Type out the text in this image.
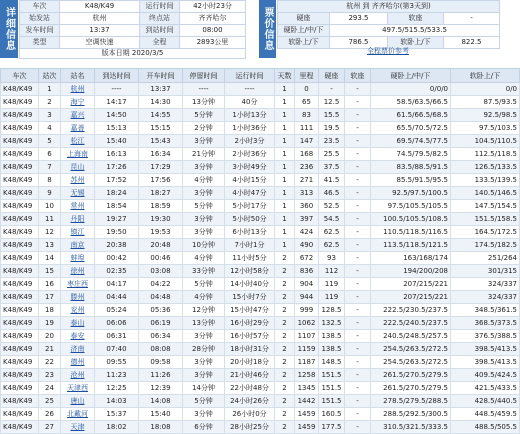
详细信息
车次	K48/K49	运行时间	42小时23分
始发站	杭州	终点站	齐齐哈尔
发车时间	13:37	到站时间	08:00
类型	空调快速	全程	2893公里
版本日期 2020/3/5			
票价信息
杭州 到 齐齐哈尔(第3天到)			
硬座	293.5	软座	-
硬卧上/中/下	497.5/515.5/533.5		
软卧上/下	786.5	软卧上/下	822.5
全程票价参考
车次	站次	站名	到达时间	开车时间	停留时间	运行时间	天数	里程	硬座	软座	硬卧上/中/下	软卧上/下
K48/K49	1	杭州	----	13:37	----	----	1	0	-	-	0/0/0	0/0
K48/K49	2	海宁	14:17	14:30	13分钟	40分	1	65	12.5	-	58.5/63.5/66.5	87.5/93.5
K48/K49	3	嘉兴	14:50	14:55	5分钟	1小时13分	1	83	15.5	-	61.5/66.5/68.5	92.5/98.5
K48/K49	4	嘉善	15:13	15:15	2分钟	1小时36分	1	111	19.5	-	65.5/70.5/72.5	97.5/103.5
K48/K49	5	松江	15:40	15:43	3分钟	2小时3分	1	147	23.5	-	69.5/74.5/77.5	104.5/110.5
K48/K49	6	上海南	16:13	16:34	21分钟	2小时36分	1	168	25.5	-	74.5/79.5/82.5	112.5/118.5
K48/K49	7	昆山	17:26	17:29	3分钟	3小时49分	1	236	37.5	-	83.5/88.5/91.5	126.5/133.5
K48/K49	8	苏州	17:52	17:56	4分钟	4小时15分	1	271	41.5	-	85.5/91.5/95.5	133.5/139.5
K48/K49	9	无锡	18:24	18:27	3分钟	4小时47分	1	313	46.5	-	92.5/97.5/100.5	140.5/146.5
K48/K49	10	常州	18:54	18:59	5分钟	5小时17分	1	360	52.5	-	97.5/105.5/105.5	147.5/154.5
K48/K49	11	丹阳	19:27	19:30	3分钟	5小时50分	1	397	54.5	-	100.5/105.5/108.5	151.5/158.5
K48/K49	12	镇江	19:50	19:53	3分钟	6小时13分	1	424	62.5	-	110.5/118.5/116.5	164.5/172.5
K48/K49	13	南京	20:38	20:48	10分钟	7小时1分	1	490	62.5	-	113.5/118.5/121.5	174.5/182.5
K48/K49	14	蚌埠	00:42	00:46	4分钟	11小时5分	2	672	93	-	163/168/174	251/264
K48/K49	15	徐州	02:35	03:08	33分钟	12小时58分	2	836	112	-	194/200/208	301/315
K48/K49	16	枣庄西	04:17	04:22	5分钟	14小时40分	2	904	119	-	207/215/221	324/337
K48/K49	17	滕州	04:44	04:48	4分钟	15小时7分	2	944	119	-	207/215/221	324/337
K48/K49	18	兖州	05:24	05:36	12分钟	15小时47分	2	999	128.5	-	222.5/230.5/237.5	348.5/361.5
K48/K49	19	泰山	06:06	06:19	13分钟	16小时29分	2	1062	132.5	-	222.5/240.5/237.5	368.5/373.5
K48/K49	20	泰安	06:31	06:34	3分钟	16小时57分	2	1107	138.5	-	240.5/248.5/257.5	376.5/388.5
K48/K49	21	济南	07:40	08:08	28分钟	18小时31分	2	1159	138.5	-	254.5/263.5/272.5	398.5/413.5
K48/K49	22	德州	09:55	09:58	3分钟	20小时18分	2	1187	148.5	-	254.5/263.5/272.5	398.5/413.5
K48/K49	23	沧州	11:23	11:26	3分钟	21小时46分	2	1258	151.5	-	261.5/270.5/279.5	409.5/424.5
K48/K49	24	天津西	12:25	12:39	14分钟	22小时48分	2	1345	151.5	-	261.5/270.5/279.5	421.5/433.5
K48/K49	25	唐山	14:03	14:08	5分钟	24小时26分	2	1442	151.5	-	278.5/279.5/288.5	428.5/440.5
K48/K49	26	北戴河	15:37	15:40	3分钟	26小时0分	2	1459	160.5	-	288.5/292.5/300.5	448.5/459.5
K48/K49	27	天津	18:02	18:08	6分钟	28小时25分	2	1459	177.5	-	310.5/321.5/333.5	488.5/505.5
